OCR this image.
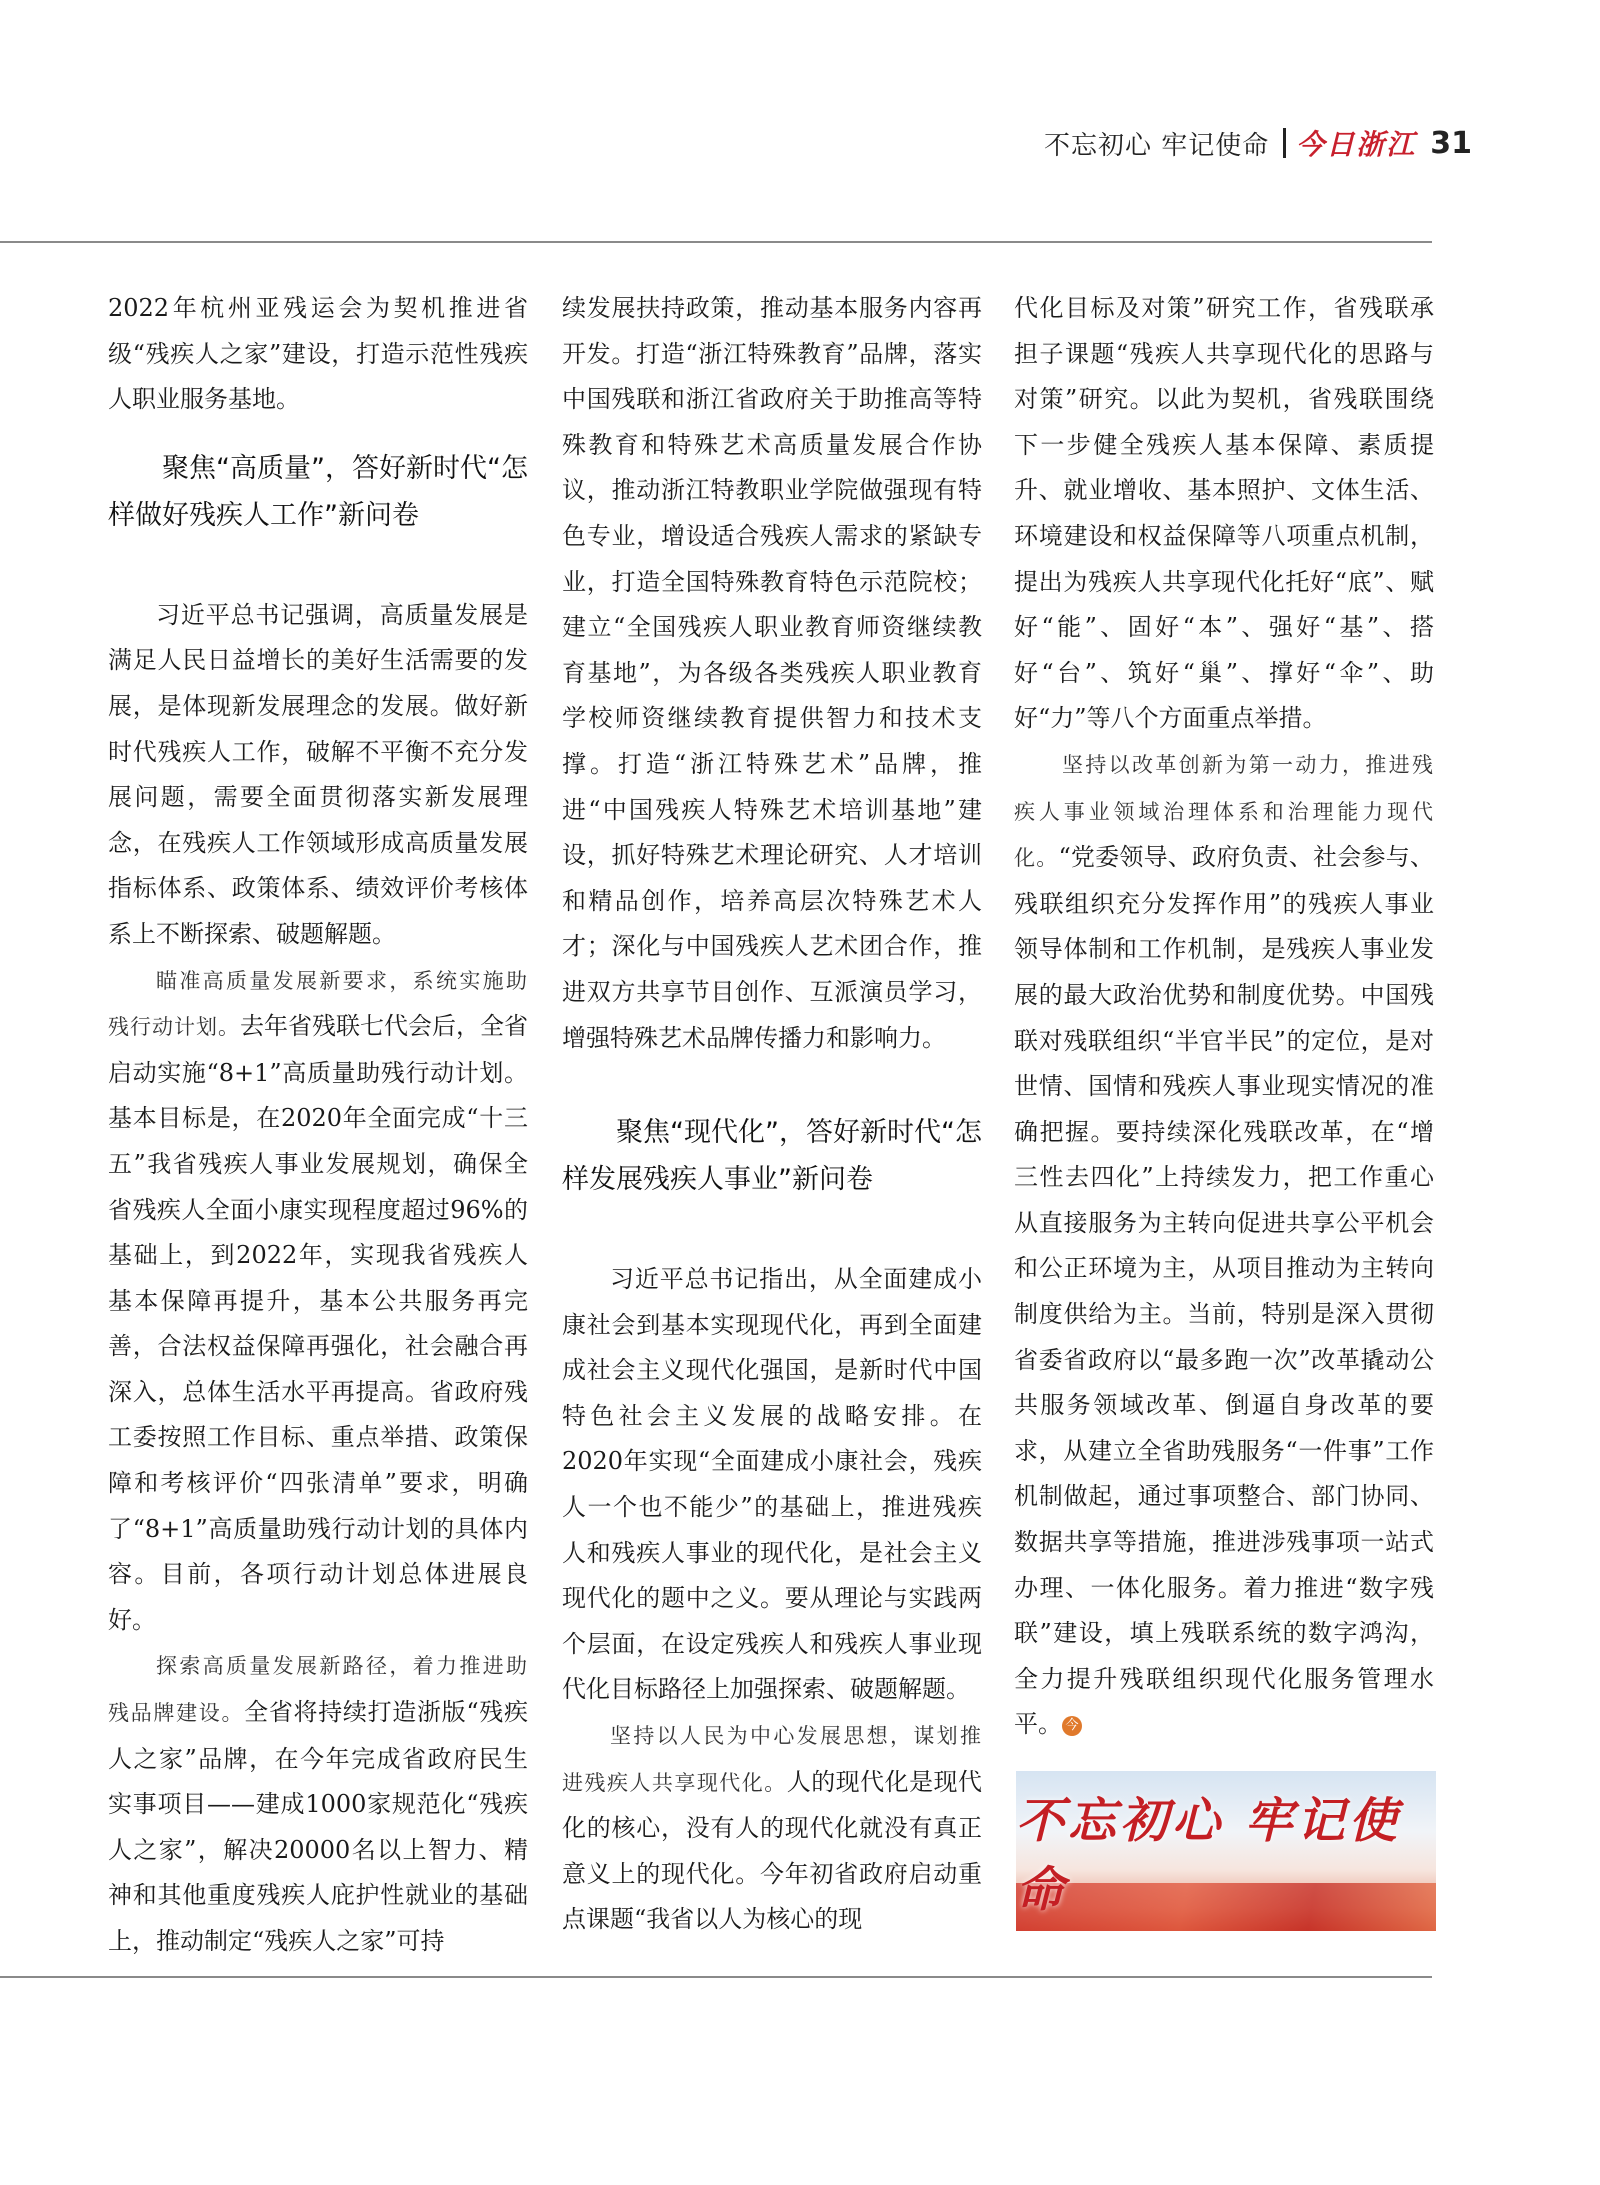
不忘初心 牢记使命 今日浙江 31

2022年杭州亚残运会为契机推进省级“残疾人之家”建设，打造示范性残疾人职业服务基地。

聚焦“高质量”，答好新时代“怎样做好残疾人工作”新问卷

习近平总书记强调，高质量发展是满足人民日益增长的美好生活需要的发展，是体现新发展理念的发展。做好新时代残疾人工作，破解不平衡不充分发展问题，需要全面贯彻落实新发展理念，在残疾人工作领域形成高质量发展指标体系、政策体系、绩效评价考核体系上不断探索、破题解题。

瞄准高质量发展新要求，系统实施助残行动计划。去年省残联七代会后，全省启动实施“8+1”高质量助残行动计划。基本目标是，在2020年全面完成“十三五”我省残疾人事业发展规划，确保全省残疾人全面小康实现程度超过96%的基础上，到2022年，实现我省残疾人基本保障再提升，基本公共服务再完善，合法权益保障再强化，社会融合再深入，总体生活水平再提高。省政府残工委按照工作目标、重点举措、政策保障和考核评价“四张清单”要求，明确了“8+1”高质量助残行动计划的具体内容。目前，各项行动计划总体进展良好。

探索高质量发展新路径，着力推进助残品牌建设。全省将持续打造浙版“残疾人之家”品牌，在今年完成省政府民生实事项目——建成1000家规范化“残疾人之家”，解决20000名以上智力、精神和其他重度残疾人庇护性就业的基础上，推动制定“残疾人之家”可持

续发展扶持政策，推动基本服务内容再开发。打造“浙江特殊教育”品牌，落实中国残联和浙江省政府关于助推高等特殊教育和特殊艺术高质量发展合作协议，推动浙江特教职业学院做强现有特色专业，增设适合残疾人需求的紧缺专业，打造全国特殊教育特色示范院校；建立“全国残疾人职业教育师资继续教育基地”，为各级各类残疾人职业教育学校师资继续教育提供智力和技术支撑。打造“浙江特殊艺术”品牌，推进“中国残疾人特殊艺术培训基地”建设，抓好特殊艺术理论研究、人才培训和精品创作，培养高层次特殊艺术人才；深化与中国残疾人艺术团合作，推进双方共享节目创作、互派演员学习，增强特殊艺术品牌传播力和影响力。

聚焦“现代化”，答好新时代“怎样发展残疾人事业”新问卷

习近平总书记指出，从全面建成小康社会到基本实现现代化，再到全面建成社会主义现代化强国，是新时代中国特色社会主义发展的战略安排。在2020年实现“全面建成小康社会，残疾人一个也不能少”的基础上，推进残疾人和残疾人事业的现代化，是社会主义现代化的题中之义。要从理论与实践两个层面，在设定残疾人和残疾人事业现代化目标路径上加强探索、破题解题。

坚持以人民为中心发展思想，谋划推进残疾人共享现代化。人的现代化是现代化的核心，没有人的现代化就没有真正意义上的现代化。今年初省政府启动重点课题“我省以人为核心的现

代化目标及对策”研究工作，省残联承担子课题“残疾人共享现代化的思路与对策”研究。以此为契机，省残联围绕下一步健全残疾人基本保障、素质提升、就业增收、基本照护、文体生活、环境建设和权益保障等八项重点机制，提出为残疾人共享现代化托好“底”、赋好“能”、固好“本”、强好“基”、搭好“台”、筑好“巢”、撑好“伞”、助好“力”等八个方面重点举措。

坚持以改革创新为第一动力，推进残疾人事业领域治理体系和治理能力现代化。“党委领导、政府负责、社会参与、残联组织充分发挥作用”的残疾人事业领导体制和工作机制，是残疾人事业发展的最大政治优势和制度优势。中国残联对残联组织“半官半民”的定位，是对世情、国情和残疾人事业现实情况的准确把握。要持续深化残联改革，在“增三性去四化”上持续发力，把工作重心从直接服务为主转向促进共享公平机会和公正环境为主，从项目推动为主转向制度供给为主。当前，特别是深入贯彻省委省政府以“最多跑一次”改革撬动公共服务领域改革、倒逼自身改革的要求，从建立全省助残服务“一件事”工作机制做起，通过事项整合、部门协同、数据共享等措施，推进涉残事项一站式办理、一体化服务。着力推进“数字残联”建设，填上残联系统的数字鸿沟，全力提升残联组织现代化服务管理水平。 今

不忘初心 牢记使命
